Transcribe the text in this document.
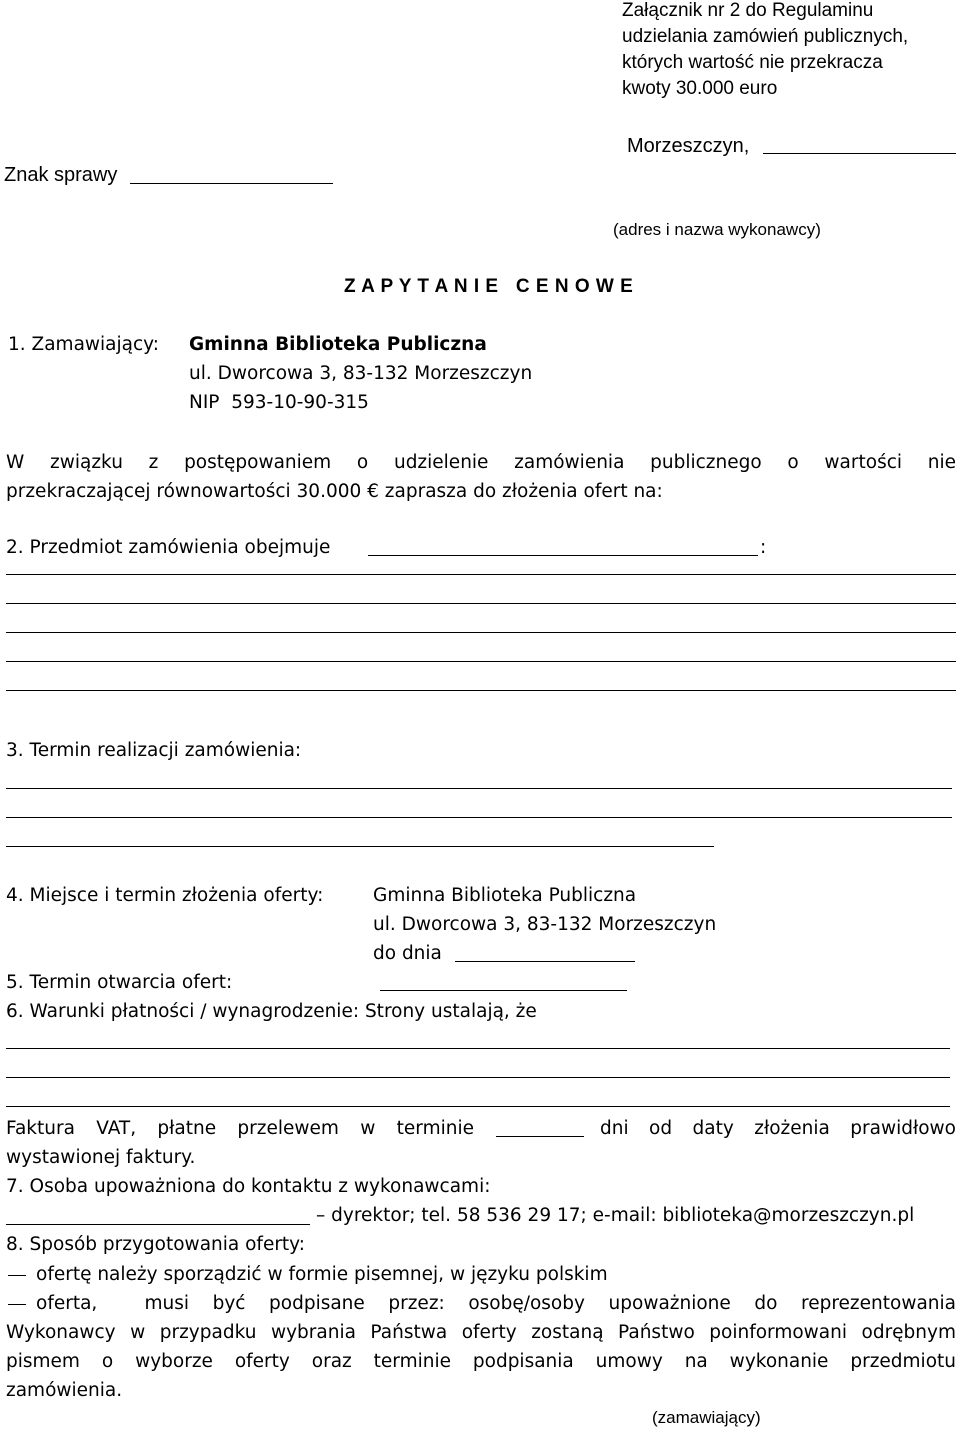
Załącznik nr 2 do Regulaminu
udzielania zamówień publicznych,
których wartość nie przekracza
kwoty 30.000 euro
Morzeszczyn,
Znak sprawy
(adres i nazwa wykonawcy)
Z A P Y T A N I E   C E N O W E
1. Zamawiający: Gminna Biblioteka Publiczna
ul. Dworcowa 3, 83-132 Morzeszczyn
NIP  593-10-90-315
W związku z postępowaniem o udzielenie zamówienia publicznego o wartości nie
przekraczającej równowartości 30.000 € zaprasza do złożenia ofert na:
2. Przedmiot zamówienia obejmuje	:
3. Termin realizacji zamówienia:
4. Miejsce i termin złożenia oferty:	Gminna Biblioteka Publiczna
ul. Dworcowa 3, 83-132 Morzeszczyn
do dnia
5. Termin otwarcia ofert:
6. Warunki płatności / wynagrodzenie: Strony ustalają, że
Faktura VAT, płatne przelewem w terminie	dni od daty złożenia prawidłowo
wystawionej faktury.
7. Osoba upoważniona do kontaktu z wykonawcami:
– dyrektor; tel. 58 536 29 17; e-mail: biblioteka@morzeszczyn.pl
8. Sposób przygotowania oferty:
ofertę należy sporządzić w formie pisemnej, w języku polskim
oferta,  musi być podpisane przez: osobę/osoby upoważnione do reprezentowania
Wykonawcy w przypadku wybrania Państwa oferty zostaną Państwo poinformowani odrębnym
pismem o wyborze oferty oraz terminie podpisania umowy na wykonanie przedmiotu
zamówienia.
(zamawiający)
